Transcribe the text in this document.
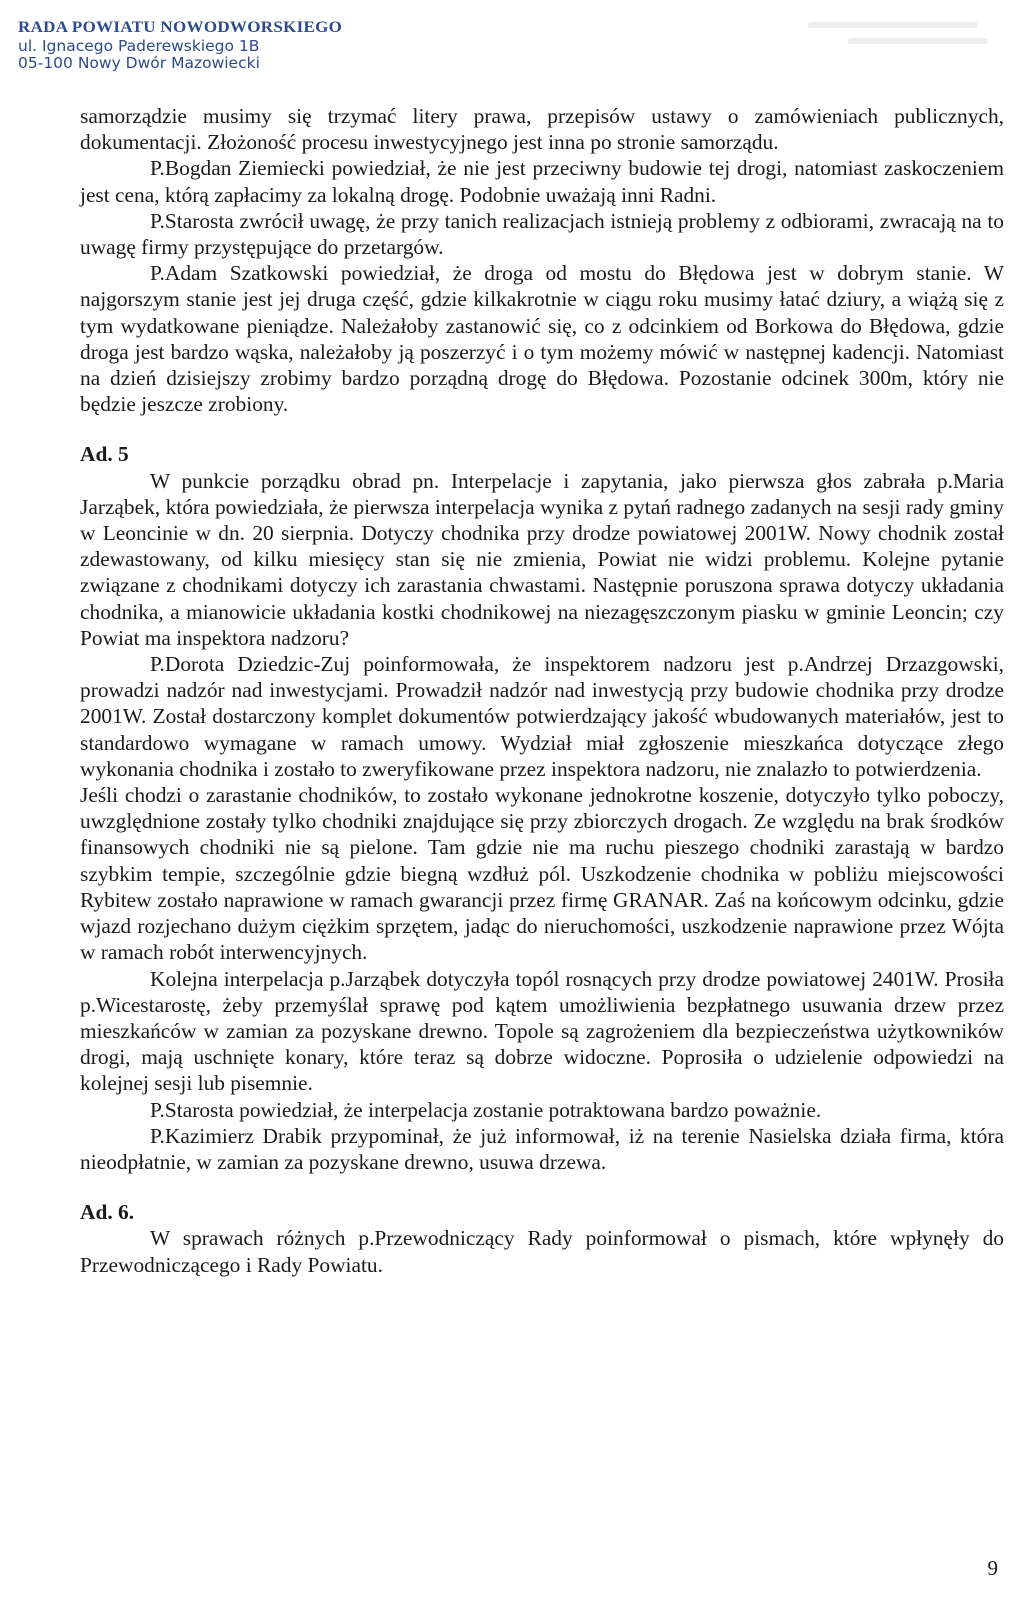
RADA POWIATU NOWODWORSKIEGO
ul. Ignacego Paderewskiego 1B
05-100 Nowy Dwór Mazowiecki

samorządzie musimy się trzymać litery prawa, przepisów ustawy o zamówieniach publicznych, dokumentacji. Złożoność procesu inwestycyjnego jest inna po stronie samorządu.

P.Bogdan Ziemiecki powiedział, że nie jest przeciwny budowie tej drogi, natomiast zaskoczeniem jest cena, którą zapłacimy za lokalną drogę. Podobnie uważają inni Radni.

P.Starosta zwrócił uwagę, że przy tanich realizacjach istnieją problemy z odbiorami, zwracają na to uwagę firmy przystępujące do przetargów.

P.Adam Szatkowski powiedział, że droga od mostu do Błędowa jest w dobrym stanie. W najgorszym stanie jest jej druga część, gdzie kilkakrotnie w ciągu roku musimy łatać dziury, a wiążą się z tym wydatkowane pieniądze. Należałoby zastanowić się, co z odcinkiem od Borkowa do Błędowa, gdzie droga jest bardzo wąska, należałoby ją poszerzyć i o tym możemy mówić w następnej kadencji. Natomiast na dzień dzisiejszy zrobimy bardzo porządną drogę do Błędowa. Pozostanie odcinek 300m, który nie będzie jeszcze zrobiony.

Ad. 5

W punkcie porządku obrad pn. Interpelacje i zapytania, jako pierwsza głos zabrała p.Maria Jarząbek, która powiedziała, że pierwsza interpelacja wynika z pytań radnego zadanych na sesji rady gminy w Leoncinie w dn. 20 sierpnia. Dotyczy chodnika przy drodze powiatowej 2001W. Nowy chodnik został zdewastowany, od kilku miesięcy stan się nie zmienia, Powiat nie widzi problemu. Kolejne pytanie związane z chodnikami dotyczy ich zarastania chwastami. Następnie poruszona sprawa dotyczy układania chodnika, a mianowicie układania kostki chodnikowej na niezagęszczonym piasku w gminie Leoncin; czy Powiat ma inspektora nadzoru?

P.Dorota Dziedzic-Zuj poinformowała, że inspektorem nadzoru jest p.Andrzej Drzazgowski, prowadzi nadzór nad inwestycjami. Prowadził nadzór nad inwestycją przy budowie chodnika przy drodze 2001W. Został dostarczony komplet dokumentów potwierdzający jakość wbudowanych materiałów, jest to standardowo wymagane w ramach umowy. Wydział miał zgłoszenie mieszkańca dotyczące złego wykonania chodnika i zostało to zweryfikowane przez inspektora nadzoru, nie znalazło to potwierdzenia.

Jeśli chodzi o zarastanie chodników, to zostało wykonane jednokrotne koszenie, dotyczyło tylko poboczy, uwzględnione zostały tylko chodniki znajdujące się przy zbiorczych drogach. Ze względu na brak środków finansowych chodniki nie są pielone. Tam gdzie nie ma ruchu pieszego chodniki zarastają w bardzo szybkim tempie, szczególnie gdzie biegną wzdłuż pól. Uszkodzenie chodnika w pobliżu miejscowości Rybitew zostało naprawione w ramach gwarancji przez firmę GRANAR. Zaś na końcowym odcinku, gdzie wjazd rozjechano dużym ciężkim sprzętem, jadąc do nieruchomości, uszkodzenie naprawione przez Wójta w ramach robót interwencyjnych.

Kolejna interpelacja p.Jarząbek dotyczyła topól rosnących przy drodze powiatowej 2401W. Prosiła p.Wicestarostę, żeby przemyślał sprawę pod kątem umożliwienia bezpłatnego usuwania drzew przez mieszkańców w zamian za pozyskane drewno. Topole są zagrożeniem dla bezpieczeństwa użytkowników drogi, mają uschnięte konary, które teraz są dobrze widoczne. Poprosiła o udzielenie odpowiedzi na kolejnej sesji lub pisemnie.

P.Starosta powiedział, że interpelacja zostanie potraktowana bardzo poważnie.

P.Kazimierz Drabik przypominał, że już informował, iż na terenie Nasielska działa firma, która nieodpłatnie, w zamian za pozyskane drewno, usuwa drzewa.

Ad. 6.

W sprawach różnych p.Przewodniczący Rady poinformował o pismach, które wpłynęły do Przewodniczącego i Rady Powiatu.

9
